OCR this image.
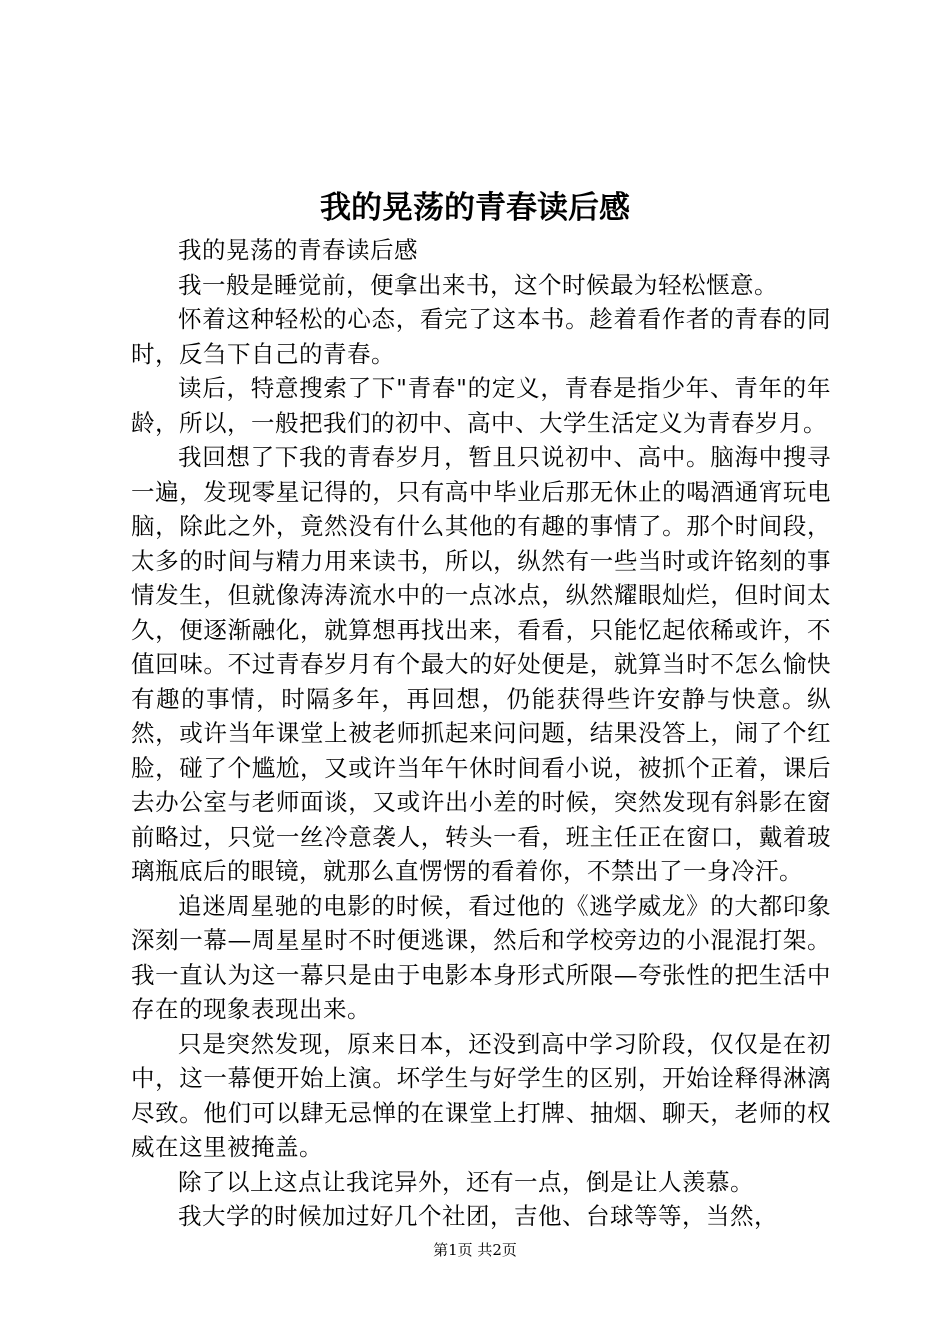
我的晃荡的青春读后感

我的晃荡的青春读后感

我一般是睡觉前，便拿出来书，这个时候最为轻松惬意。

怀着这种轻松的心态，看完了这本书。趁着看作者的青春的同时，反刍下自己的青春。

读后，特意搜索了下"青春"的定义，青春是指少年、青年的年龄，所以，一般把我们的初中、高中、大学生活定义为青春岁月。

我回想了下我的青春岁月，暂且只说初中、高中。脑海中搜寻一遍，发现零星记得的，只有高中毕业后那无休止的喝酒通宵玩电脑，除此之外，竟然没有什么其他的有趣的事情了。那个时间段，太多的时间与精力用来读书，所以，纵然有一些当时或许铭刻的事情发生，但就像涛涛流水中的一点冰点，纵然耀眼灿烂，但时间太久，便逐渐融化，就算想再找出来，看看，只能忆起依稀或许，不值回味。不过青春岁月有个最大的好处便是，就算当时不怎么愉快有趣的事情，时隔多年，再回想，仍能获得些许安静与快意。纵然，或许当年课堂上被老师抓起来问问题，结果没答上，闹了个红脸，碰了个尴尬，又或许当年午休时间看小说，被抓个正着，课后去办公室与老师面谈，又或许出小差的时候，突然发现有斜影在窗前略过，只觉一丝冷意袭人，转头一看，班主任正在窗口，戴着玻璃瓶底后的眼镜，就那么直愣愣的看着你，不禁出了一身冷汗。

追迷周星驰的电影的时候，看过他的《逃学威龙》的大都印象深刻一幕—周星星时不时便逃课，然后和学校旁边的小混混打架。我一直认为这一幕只是由于电影本身形式所限—夸张性的把生活中存在的现象表现出来。

只是突然发现，原来日本，还没到高中学习阶段，仅仅是在初中，这一幕便开始上演。坏学生与好学生的区别，开始诠释得淋漓尽致。他们可以肆无忌惮的在课堂上打牌、抽烟、聊天，老师的权威在这里被掩盖。

除了以上这点让我诧异外，还有一点，倒是让人羡慕。

我大学的时候加过好几个社团，吉他、台球等等，当然，

第1页 共2页
